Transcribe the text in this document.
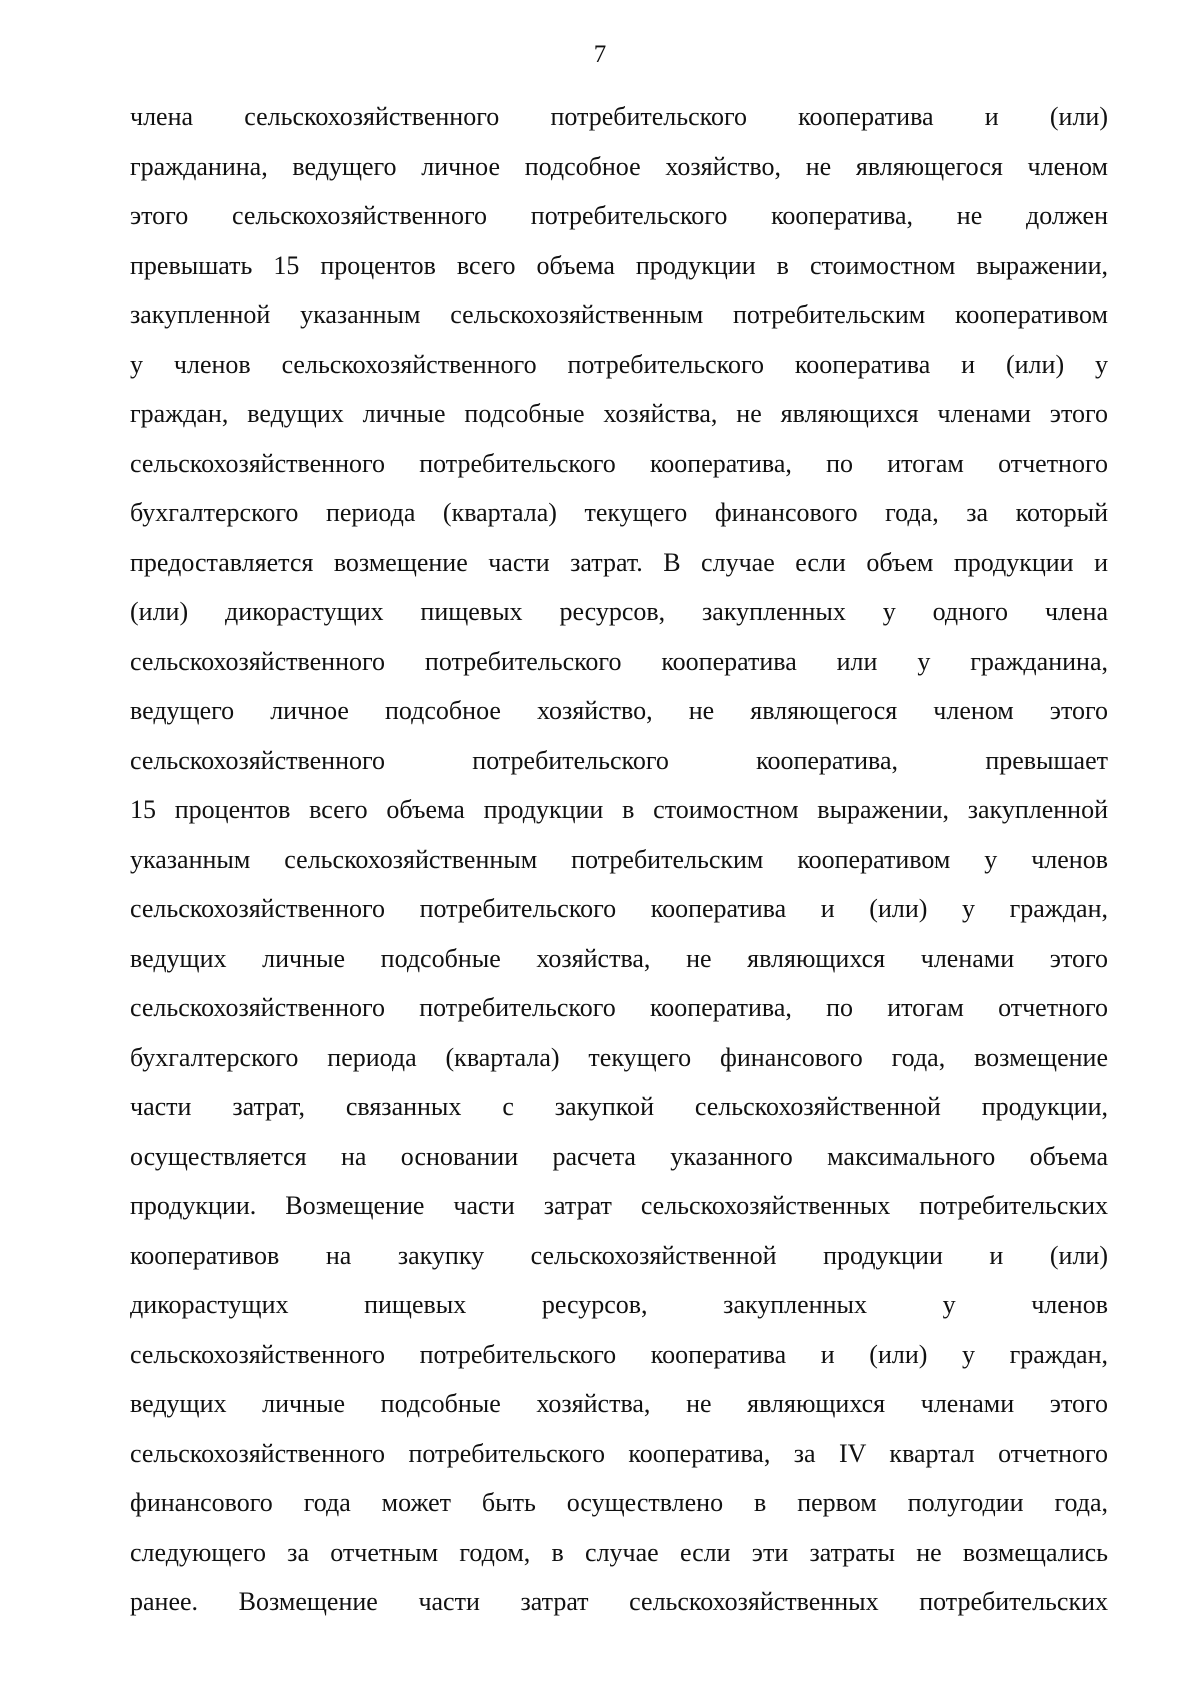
7
члена сельскохозяйственного потребительского кооператива и (или)
гражданина, ведущего личное подсобное хозяйство, не являющегося членом
этого сельскохозяйственного потребительского кооператива, не должен
превышать 15 процентов всего объема продукции в стоимостном выражении,
закупленной указанным сельскохозяйственным потребительским кооперативом
у членов сельскохозяйственного потребительского кооператива и (или) у
граждан, ведущих личные подсобные хозяйства, не являющихся членами этого
сельскохозяйственного потребительского кооператива, по итогам отчетного
бухгалтерского периода (квартала) текущего финансового года, за который
предоставляется возмещение части затрат. В случае если объем продукции и
(или) дикорастущих пищевых ресурсов, закупленных у одного члена
сельскохозяйственного потребительского кооператива или у гражданина,
ведущего личное подсобное хозяйство, не являющегося членом этого
сельскохозяйственного потребительского кооператива, превышает
15 процентов всего объема продукции в стоимостном выражении, закупленной
указанным сельскохозяйственным потребительским кооперативом у членов
сельскохозяйственного потребительского кооператива и (или) у граждан,
ведущих личные подсобные хозяйства, не являющихся членами этого
сельскохозяйственного потребительского кооператива, по итогам отчетного
бухгалтерского периода (квартала) текущего финансового года, возмещение
части затрат, связанных с закупкой сельскохозяйственной продукции,
осуществляется на основании расчета указанного максимального объема
продукции. Возмещение части затрат сельскохозяйственных потребительских
кооперативов на закупку сельскохозяйственной продукции и (или)
дикорастущих пищевых ресурсов, закупленных у членов
сельскохозяйственного потребительского кооператива и (или) у граждан,
ведущих личные подсобные хозяйства, не являющихся членами этого
сельскохозяйственного потребительского кооператива, за IV квартал отчетного
финансового года может быть осуществлено в первом полугодии года,
следующего за отчетным годом, в случае если эти затраты не возмещались
ранее. Возмещение части затрат сельскохозяйственных потребительских
